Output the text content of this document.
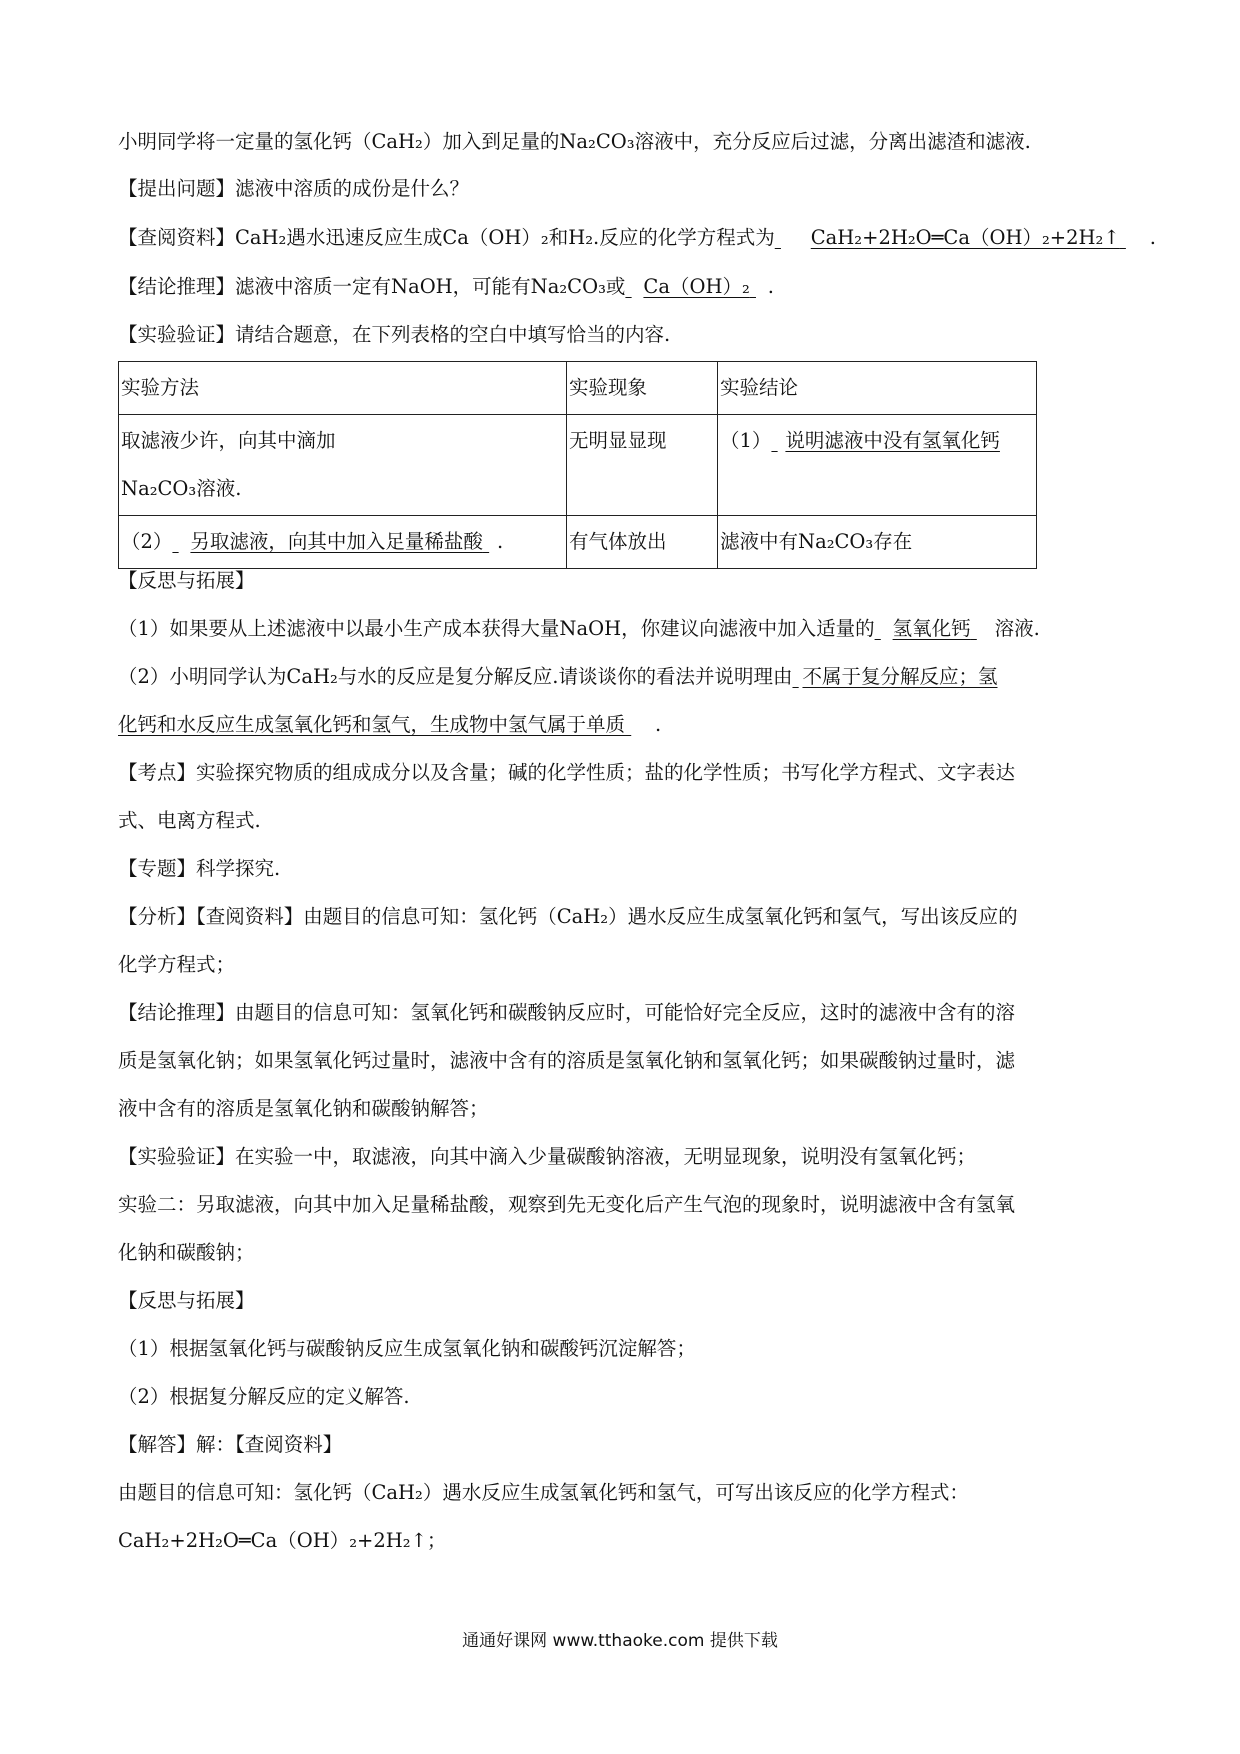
小明同学将一定量的氢化钙（CaH₂）加入到足量的Na₂CO₃溶液中，充分反应后过滤，分离出滤渣和滤液.
【提出问题】滤液中溶质的成份是什么？
【查阅资料】CaH₂遇水迅速反应生成Ca（OH）₂和H₂.反应的化学方程式为 CaH₂+2H₂O═Ca（OH）₂+2H₂↑ .
【结论推理】滤液中溶质一定有NaOH，可能有Na₂CO₃或 Ca（OH）₂ .
【实验验证】请结合题意，在下列表格的空白中填写恰当的内容.
实验方法	实验现象	实验结论

取滤液少许，向其中滴加
Na₂CO₃溶液.	无明显显现	（1） 说明滤液中没有氢氧化钙
（2） 另取滤液，向其中加入足量稀盐酸 .	有气体放出	滤液中有Na₂CO₃存在
【反思与拓展】
（1）如果要从上述滤液中以最小生产成本获得大量NaOH，你建议向滤液中加入适量的 氢氧化钙 溶液.
（2）小明同学认为CaH₂与水的反应是复分解反应.请谈谈你的看法并说明理由 不属于复分解反应；氢
化钙和水反应生成氢氧化钙和氢气，生成物中氢气属于单质 .
【考点】实验探究物质的组成成分以及含量；碱的化学性质；盐的化学性质；书写化学方程式、文字表达
式、电离方程式.
【专题】科学探究.
【分析】【查阅资料】由题目的信息可知：氢化钙（CaH₂）遇水反应生成氢氧化钙和氢气，写出该反应的
化学方程式；
【结论推理】由题目的信息可知：氢氧化钙和碳酸钠反应时，可能恰好完全反应，这时的滤液中含有的溶
质是氢氧化钠；如果氢氧化钙过量时，滤液中含有的溶质是氢氧化钠和氢氧化钙；如果碳酸钠过量时，滤
液中含有的溶质是氢氧化钠和碳酸钠解答；
【实验验证】在实验一中，取滤液，向其中滴入少量碳酸钠溶液，无明显现象，说明没有氢氧化钙；
实验二：另取滤液，向其中加入足量稀盐酸，观察到先无变化后产生气泡的现象时，说明滤液中含有氢氧
化钠和碳酸钠；
【反思与拓展】
（1）根据氢氧化钙与碳酸钠反应生成氢氧化钠和碳酸钙沉淀解答；
（2）根据复分解反应的定义解答.
【解答】解：【查阅资料】
由题目的信息可知：氢化钙（CaH₂）遇水反应生成氢氧化钙和氢气，可写出该反应的化学方程式：
CaH₂+2H₂O═Ca（OH）₂+2H₂↑；
通通好课网 www.tthaoke.com 提供下载
